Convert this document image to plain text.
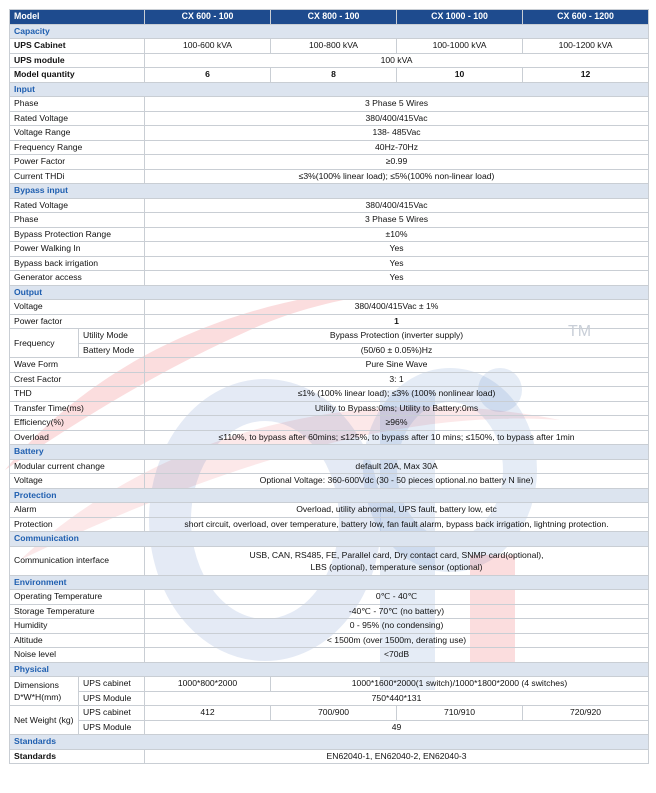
TM
Model		CX 600 - 100	CX 800 - 100	CX 1000 - 100	CX 600 - 1200
Capacity					
UPS Cabinet		100-600 kVA	100-800 kVA	100-1000 kVA	100-1200 kVA
UPS module		100 kVA			
Model quantity		6	8	10	12
Input					
Phase		3 Phase 5 Wires			
Rated Voltage		380/400/415Vac			
Voltage Range		138- 485Vac			
Frequency Range		40Hz-70Hz			
Power Factor		≥0.99			
Current THDi		≤3%(100% linear load); ≤5%(100% non-linear load)			
Bypass input					
Rated Voltage		380/400/415Vac			
Phase		3 Phase 5 Wires			
Bypass Protection Range		±10%			
Power Walking In		Yes			
Bypass back irrigation		Yes			
Generator access		Yes			
Output					
Voltage		380/400/415Vac ± 1%			
Power factor		1			
Frequency	Utility Mode	Bypass Protection (inverter supply)			
	Battery Mode	(50/60 ± 0.05%)Hz			
Wave Form		Pure Sine Wave			
Crest Factor		3: 1			
THD		≤1% (100% linear load); ≤3% (100% nonlinear load)			
Transfer Time(ms)		Utility to Bypass:0ms; Utility to Battery:0ms			
Efficiency(%)		≥96%			
Overload		≤110%, to bypass after 60mins; ≤125%, to bypass after 10 mins; ≤150%, to bypass after 1min			
Battery					
Modular current change		default 20A, Max 30A			
Voltage		Optional Voltage: 360-600Vdc (30 - 50 pieces optional.no battery N line)			
Protection					
Alarm		Overload, utility abnormal, UPS fault, battery low, etc			
Protection		short circuit, overload, over temperature, battery low, fan fault alarm, bypass back irrigation, lightning protection.			
Communication					
Communication interface		USB, CAN, RS485, FE, Parallel card, Dry contact card, SNMP card(optional),
LBS (optional), temperature sensor (optional)			

Environment					
Operating Temperature		0℃ - 40℃			
Storage Temperature		-40℃ - 70℃ (no battery)			
Humidity		0 - 95% (no condensing)			
Altitude		< 1500m (over 1500m, derating use)			
Noise level		<70dB			
Physical					

Dimensions
D*W*H(mm)	UPS cabinet	1000*800*2000	1000*1600*2000(1 switch)/1000*1800*2000 (4 switches)		
	UPS Module	750*440*131			
Net Weight (kg)	UPS cabinet	412	700/900	710/910	720/920
	UPS Module	49			
Standards					
Standards		EN62040-1, EN62040-2, EN62040-3			
